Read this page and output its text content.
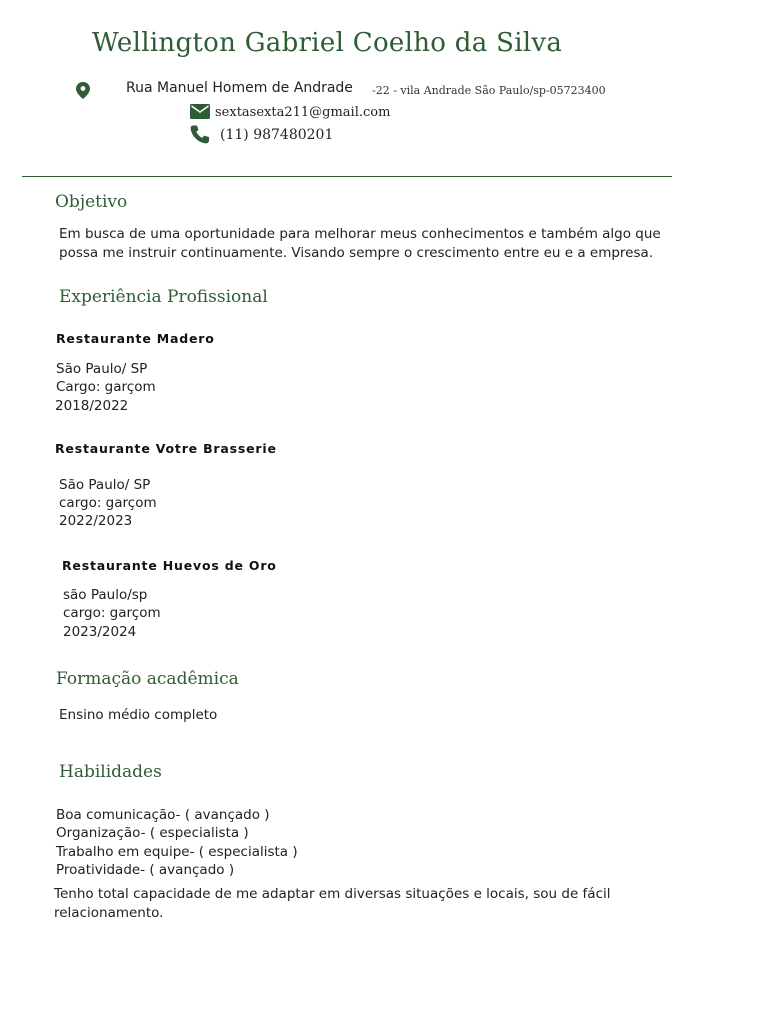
Wellington Gabriel Coelho da Silva
Rua Manuel Homem de Andrade -22 - vila Andrade São Paulo/sp-05723400
sextasexta211@gmail.com
(11) 987480201
Objetivo
Em busca de uma oportunidade para melhorar meus conhecimentos e também algo que
possa me instruir continuamente. Visando sempre o crescimento entre eu e a empresa.
Experiência Profissional
Restaurante Madero
São Paulo/ SP
Cargo: garçom
2018/2022
Restaurante Votre Brasserie
São Paulo/ SP
cargo: garçom
2022/2023
Restaurante Huevos de Oro
são Paulo/sp
cargo: garçom
2023/2024
Formação acadêmica
Ensino médio completo
Habilidades
Boa comunicação- ( avançado )
Organização- ( especialista )
Trabalho em equipe- ( especialista )
Proatividade- ( avançado )
Tenho total capacidade de me adaptar em diversas situações e locais, sou de fácil
relacionamento.
